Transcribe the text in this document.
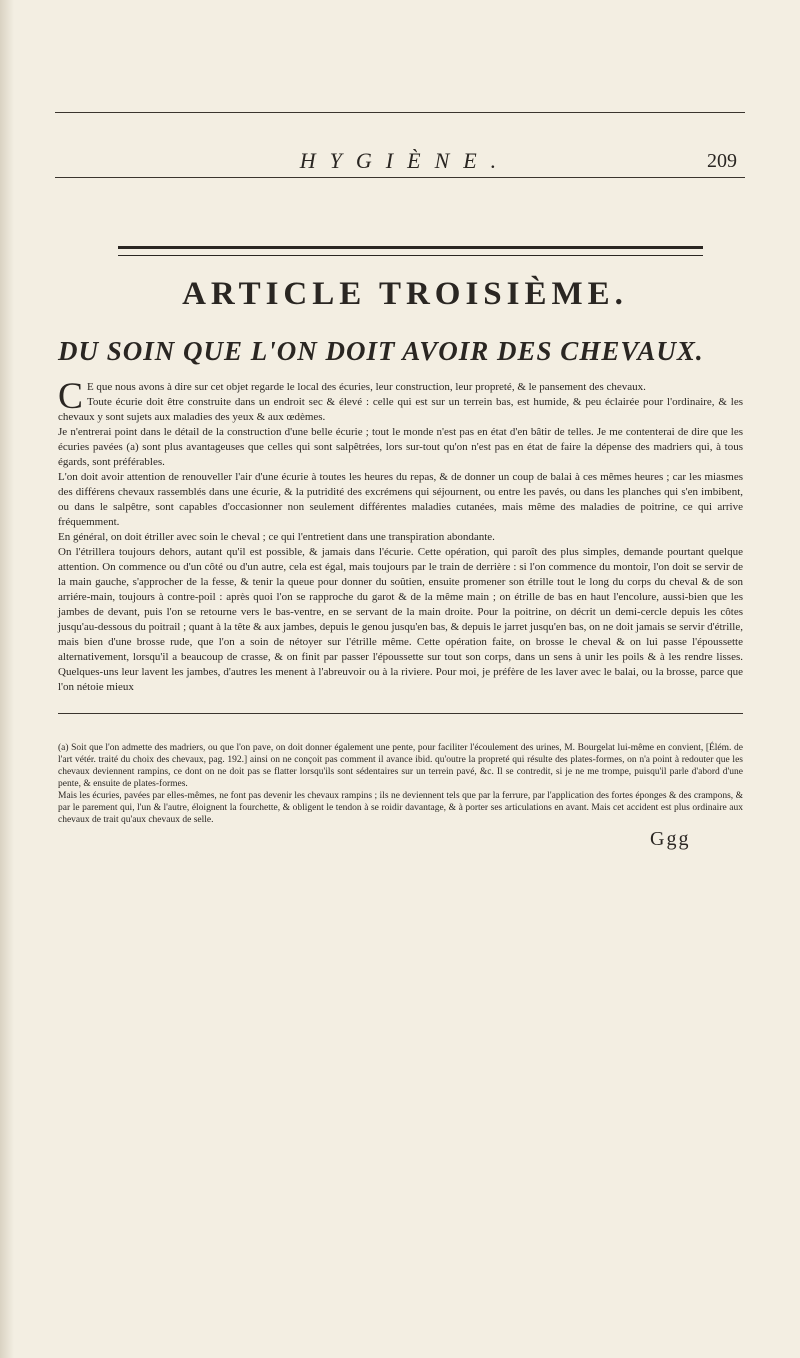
HYGIÈNE.	209
ARTICLE TROISIÈME.
DU SOIN QUE L'ON DOIT AVOIR DES CHEVAUX.

C E que nous avons à dire sur cet objet regarde le local des écuries, leur construction, leur propreté, & le pansement des chevaux.

Toute écurie doit être construite dans un endroit sec & élevé : celle qui est sur un terrein bas, est humide, & peu éclairée pour l'ordinaire, & les chevaux y sont sujets aux maladies des yeux & aux œdèmes.

Je n'entrerai point dans le détail de la construction d'une belle écurie ; tout le monde n'est pas en état d'en bâtir de telles. Je me contenterai de dire que les écuries pavées (a) sont plus avantageuses que celles qui sont salpêtrées, lors sur-tout qu'on n'est pas en état de faire la dépense des madriers qui, à tous égards, sont préférables.

L'on doit avoir attention de renouveller l'air d'une écurie à toutes les heures du repas, & de donner un coup de balai à ces mêmes heures ; car les miasmes des différens chevaux rassemblés dans une écurie, & la putridité des excrémens qui séjournent, ou entre les pavés, ou dans les planches qui s'en imbibent, ou dans le salpêtre, sont capables d'occasionner non seulement différentes maladies cutanées, mais même des maladies de poitrine, ce qui arrive fréquemment.

En général, on doit étriller avec soin le cheval ; ce qui l'entretient dans une transpiration abondante.

On l'étrillera toujours dehors, autant qu'il est possible, & jamais dans l'écurie. Cette opération, qui paroît des plus simples, demande pourtant quelque attention. On commence ou d'un côté ou d'un autre, cela est égal, mais toujours par le train de derrière : si l'on commence du montoir, l'on doit se servir de la main gauche, s'approcher de la fesse, & tenir la queue pour donner du soûtien, ensuite promener son étrille tout le long du corps du cheval & de son arriére-main, toujours à contre-poil : après quoi l'on se rapproche du garot & de la même main ; on étrille de bas en haut l'encolure, aussi-bien que les jambes de devant, puis l'on se retourne vers le bas-ventre, en se servant de la main droite. Pour la poitrine, on décrit un demi-cercle depuis les côtes jusqu'au-dessous du poitrail ; quant à la tête & aux jambes, depuis le genou jusqu'en bas, & depuis le jarret jusqu'en bas, on ne doit jamais se servir d'étrille, mais bien d'une brosse rude, que l'on a soin de nétoyer sur l'étrille même. Cette opération faite, on brosse le cheval & on lui passe l'époussette alternativement, lorsqu'il a beaucoup de crasse, & on finit par passer l'époussette sur tout son corps, dans un sens à unir les poils & à les rendre lisses. Quelques-uns leur lavent les jambes, d'autres les menent à l'abreuvoir ou à la riviere. Pour moi, je préfère de les laver avec le balai, ou la brosse, parce que l'on nétoie mieux

(a) Soit que l'on admette des madriers, ou que l'on pave, on doit donner également une pente, pour faciliter l'écoulement des urines, M. Bourgelat lui-même en convient, [Élém. de l'art vétér. traité du choix des chevaux, pag. 192.] ainsi on ne conçoit pas comment il avance ibid. qu'outre la propreté qui résulte des plates-formes, on n'a point à redouter que les chevaux deviennent rampins, ce dont on ne doit pas se flatter lorsqu'ils sont sédentaires sur un terrein pavé, &c. Il se contredit, si je ne me trompe, puisqu'il parle d'abord d'une pente, & ensuite de plates-formes.

Mais les écuries, pavées par elles-mêmes, ne font pas devenir les chevaux rampins ; ils ne deviennent tels que par la ferrure, par l'application des fortes éponges & des crampons, & par le parement qui, l'un & l'autre, éloignent la fourchette, & obligent le tendon à se roidir davantage, & à porter ses articulations en avant. Mais cet accident est plus ordinaire aux chevaux de trait qu'aux chevaux de selle.

Ggg
